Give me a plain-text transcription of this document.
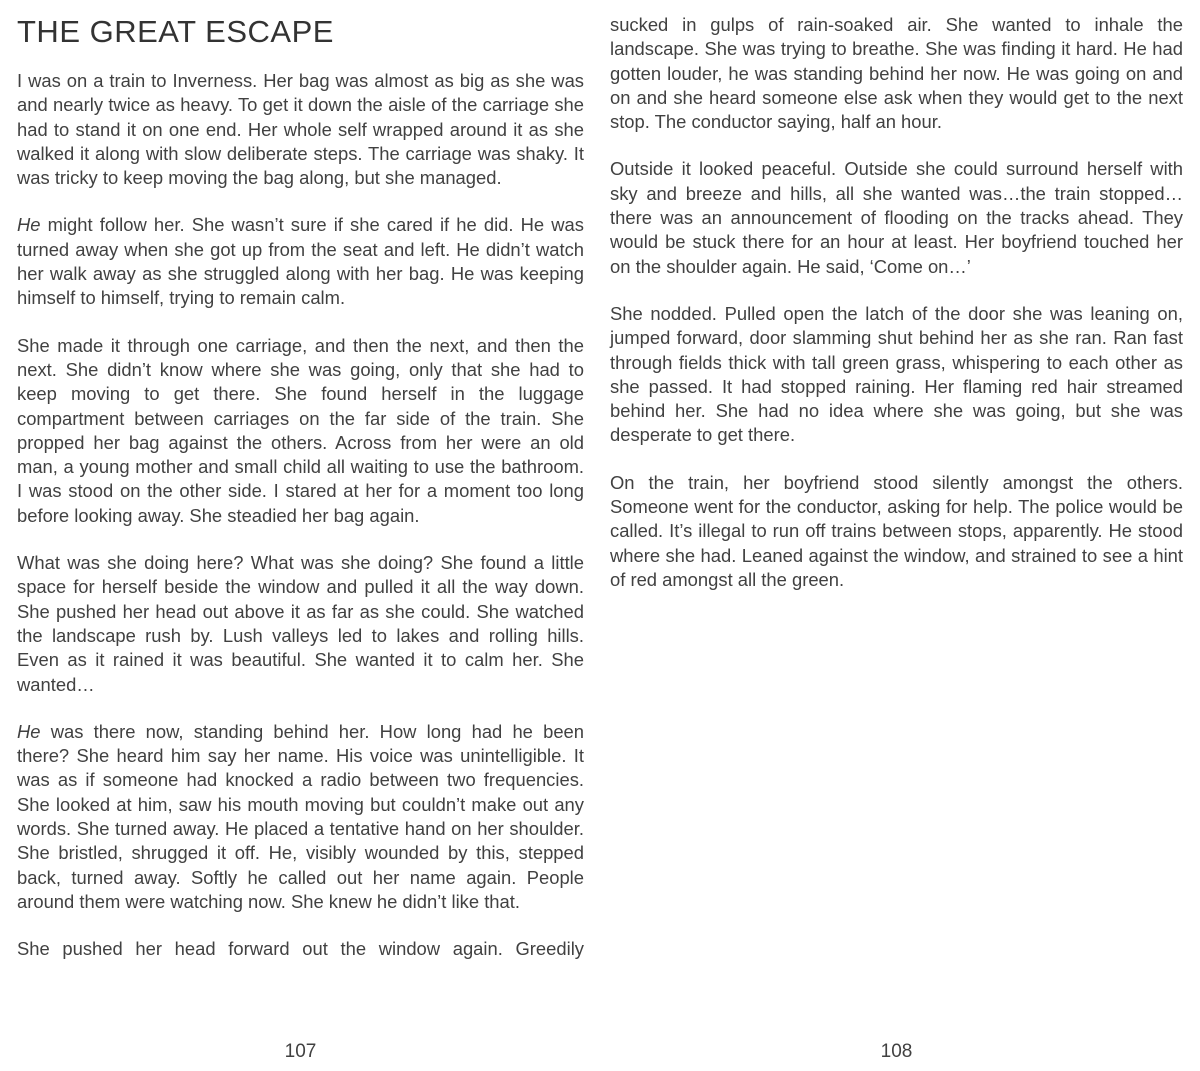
THE GREAT ESCAPE

I was on a train to Inverness. Her bag was almost as big as she was and nearly twice as heavy. To get it down the aisle of the carriage she had to stand it on one end. Her whole self wrapped around it as she walked it along with slow deliberate steps. The carriage was shaky. It was tricky to keep moving the bag along, but she managed.

He might follow her. She wasn’t sure if she cared if he did. He was turned away when she got up from the seat and left. He didn’t watch her walk away as she struggled along with her bag. He was keeping himself to himself, trying to remain calm.

She made it through one carriage, and then the next, and then the next. She didn’t know where she was going, only that she had to keep moving to get there. She found herself in the luggage compartment between carriages on the far side of the train. She propped her bag against the others. Across from her were an old man, a young mother and small child all waiting to use the bathroom. I was stood on the other side. I stared at her for a moment too long before looking away. She steadied her bag again.

What was she doing here? What was she doing? She found a little space for herself beside the window and pulled it all the way down. She pushed her head out above it as far as she could. She watched the landscape rush by. Lush valleys led to lakes and rolling hills. Even as it rained it was beautiful. She wanted it to calm her. She wanted…

He was there now, standing behind her. How long had he been there? She heard him say her name. His voice was unintelligible. It was as if someone had knocked a radio between two frequencies. She looked at him, saw his mouth moving but couldn’t make out any words. She turned away. He placed a tentative hand on her shoulder. She bristled, shrugged it off. He, visibly wounded by this, stepped back, turned away. Softly he called out her name again. People around them were watching now. She knew he didn’t like that.

She pushed her head forward out the window again. Greedily

sucked in gulps of rain-soaked air. She wanted to inhale the landscape. She was trying to breathe. She was finding it hard. He had gotten louder, he was standing behind her now. He was going on and on and she heard someone else ask when they would get to the next stop. The conductor saying, half an hour.

Outside it looked peaceful. Outside she could surround herself with sky and breeze and hills, all she wanted was…the train stopped… there was an announcement of flooding on the tracks ahead. They would be stuck there for an hour at least. Her boyfriend touched her on the shoulder again. He said, ‘Come on…’

She nodded. Pulled open the latch of the door she was leaning on, jumped forward, door slamming shut behind her as she ran. Ran fast through fields thick with tall green grass, whispering to each other as she passed. It had stopped raining. Her flaming red hair streamed behind her. She had no idea where she was going, but she was desperate to get there.

On the train, her boyfriend stood silently amongst the others. Someone went for the conductor, asking for help. The police would be called. It’s illegal to run off trains between stops, apparently. He stood where she had. Leaned against the window, and strained to see a hint of red amongst all the green.

107	108
